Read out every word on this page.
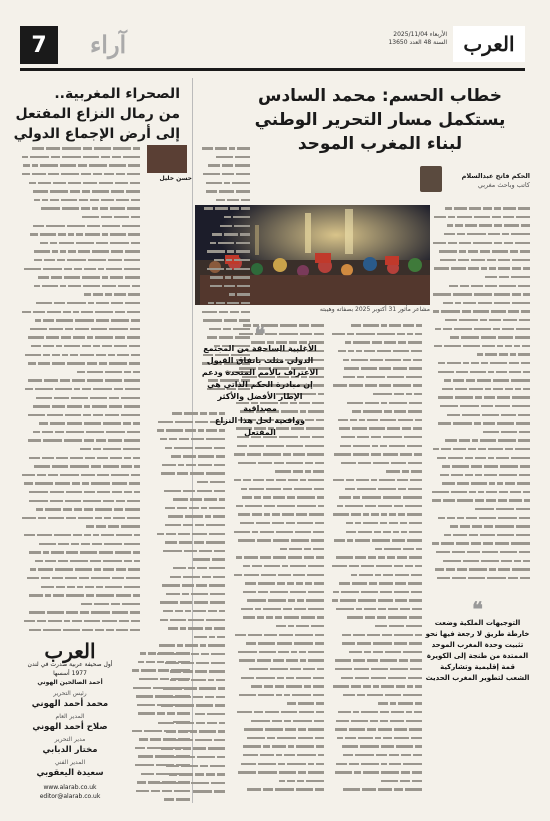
العرب
الأربعاء 2025/11/04
السنة 48 العدد 13650
آراء
7
خطاب الحسم: محمد السادس
يستكمل مسار التحرير الوطني
لبناء المغرب الموحد
الحكم فاتح عبدالسلام
كاتب وباحث مغربي
مشاعر مأثور 31 أكتوبر 2025 بصفاته وهيبته
الصحراء المغربية..
من رمال النزاع المفتعل
إلى أرض الإجماع الدولي
حسن خليل
❝
الأغلبية الساحقة من المجتمع
الدولي مثلت باتفاق القبول
الاعتراف بالأمم المتحدة ودعم
إن مبادرة الحكم الذاتي هي
الإطار الأفضل والأكثر مصداقية
وواقعية لحل هذا النزاع المفتعل
❝
التوجيهات الملكية وضعت
خارطة طريق لا رجعة فيها نحو
تثبيت وحدة المغرب الموحد
الممتدة من طنجة إلى الكويرة
قمة إقليمية وتشاركية
الشعب لتطوير المغرب الحديث
العرب
أول صحيفة عربية صدرت في لندن
1977 أسسها
أحمد الصالحين الهوني
رئيس التحرير
محمد أحمد الهوني
المدير العام
صلاح أحمد الهوني
مدير التحرير
مختار الدبابي
المدير الفني
سعيدة اليعقوبي
www.alarab.co.uk
editor@alarab.co.uk
